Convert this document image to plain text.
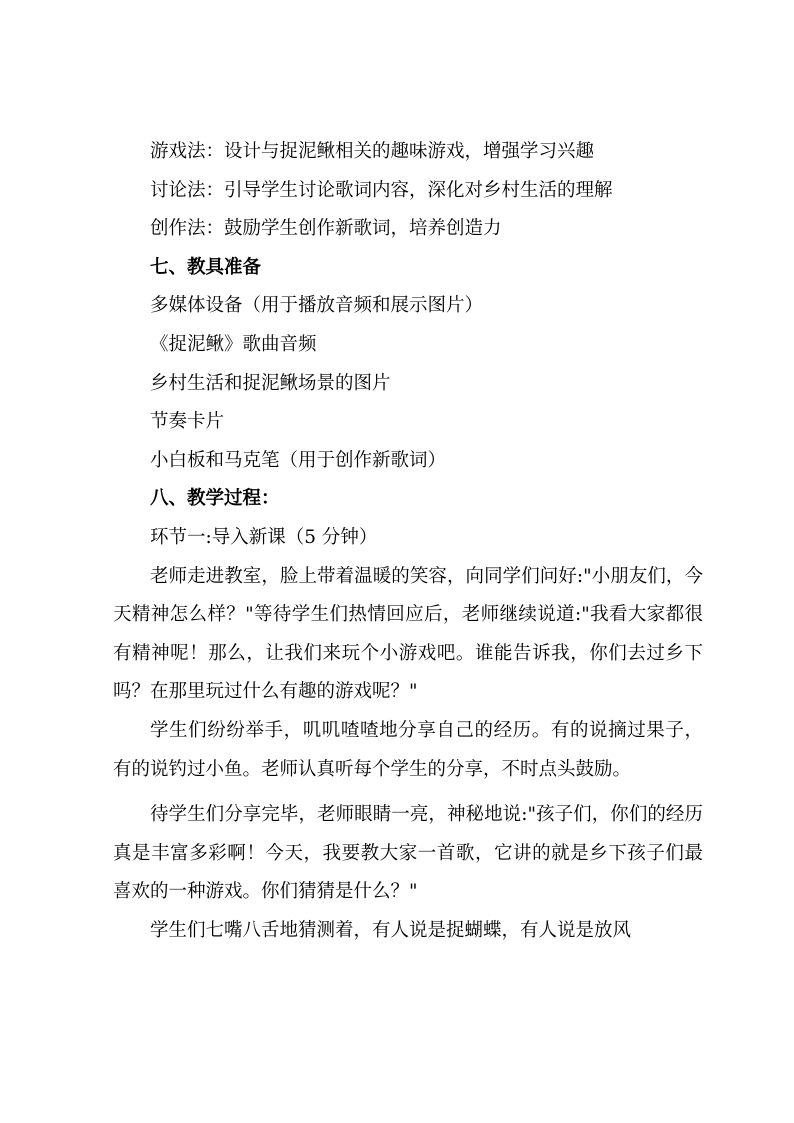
游戏法：设计与捉泥鳅相关的趣味游戏，增强学习兴趣

讨论法：引导学生讨论歌词内容，深化对乡村生活的理解

创作法：鼓励学生创作新歌词，培养创造力

七、教具准备

多媒体设备（用于播放音频和展示图片）

《捉泥鳅》歌曲音频

乡村生活和捉泥鳅场景的图片

节奏卡片

小白板和马克笔（用于创作新歌词）

八、教学过程：

环节一:导入新课（5 分钟）

老师走进教室，脸上带着温暖的笑容，向同学们问好:"小朋友们，今天精神怎么样？"等待学生们热情回应后，老师继续说道:"我看大家都很有精神呢！那么，让我们来玩个小游戏吧。谁能告诉我，你们去过乡下吗？在那里玩过什么有趣的游戏呢？"

学生们纷纷举手，叽叽喳喳地分享自己的经历。有的说摘过果子，有的说钓过小鱼。老师认真听每个学生的分享，不时点头鼓励。

待学生们分享完毕，老师眼睛一亮，神秘地说:"孩子们，你们的经历真是丰富多彩啊！今天，我要教大家一首歌，它讲的就是乡下孩子们最喜欢的一种游戏。你们猜猜是什么？"

学生们七嘴八舌地猜测着，有人说是捉蝴蝶，有人说是放风
